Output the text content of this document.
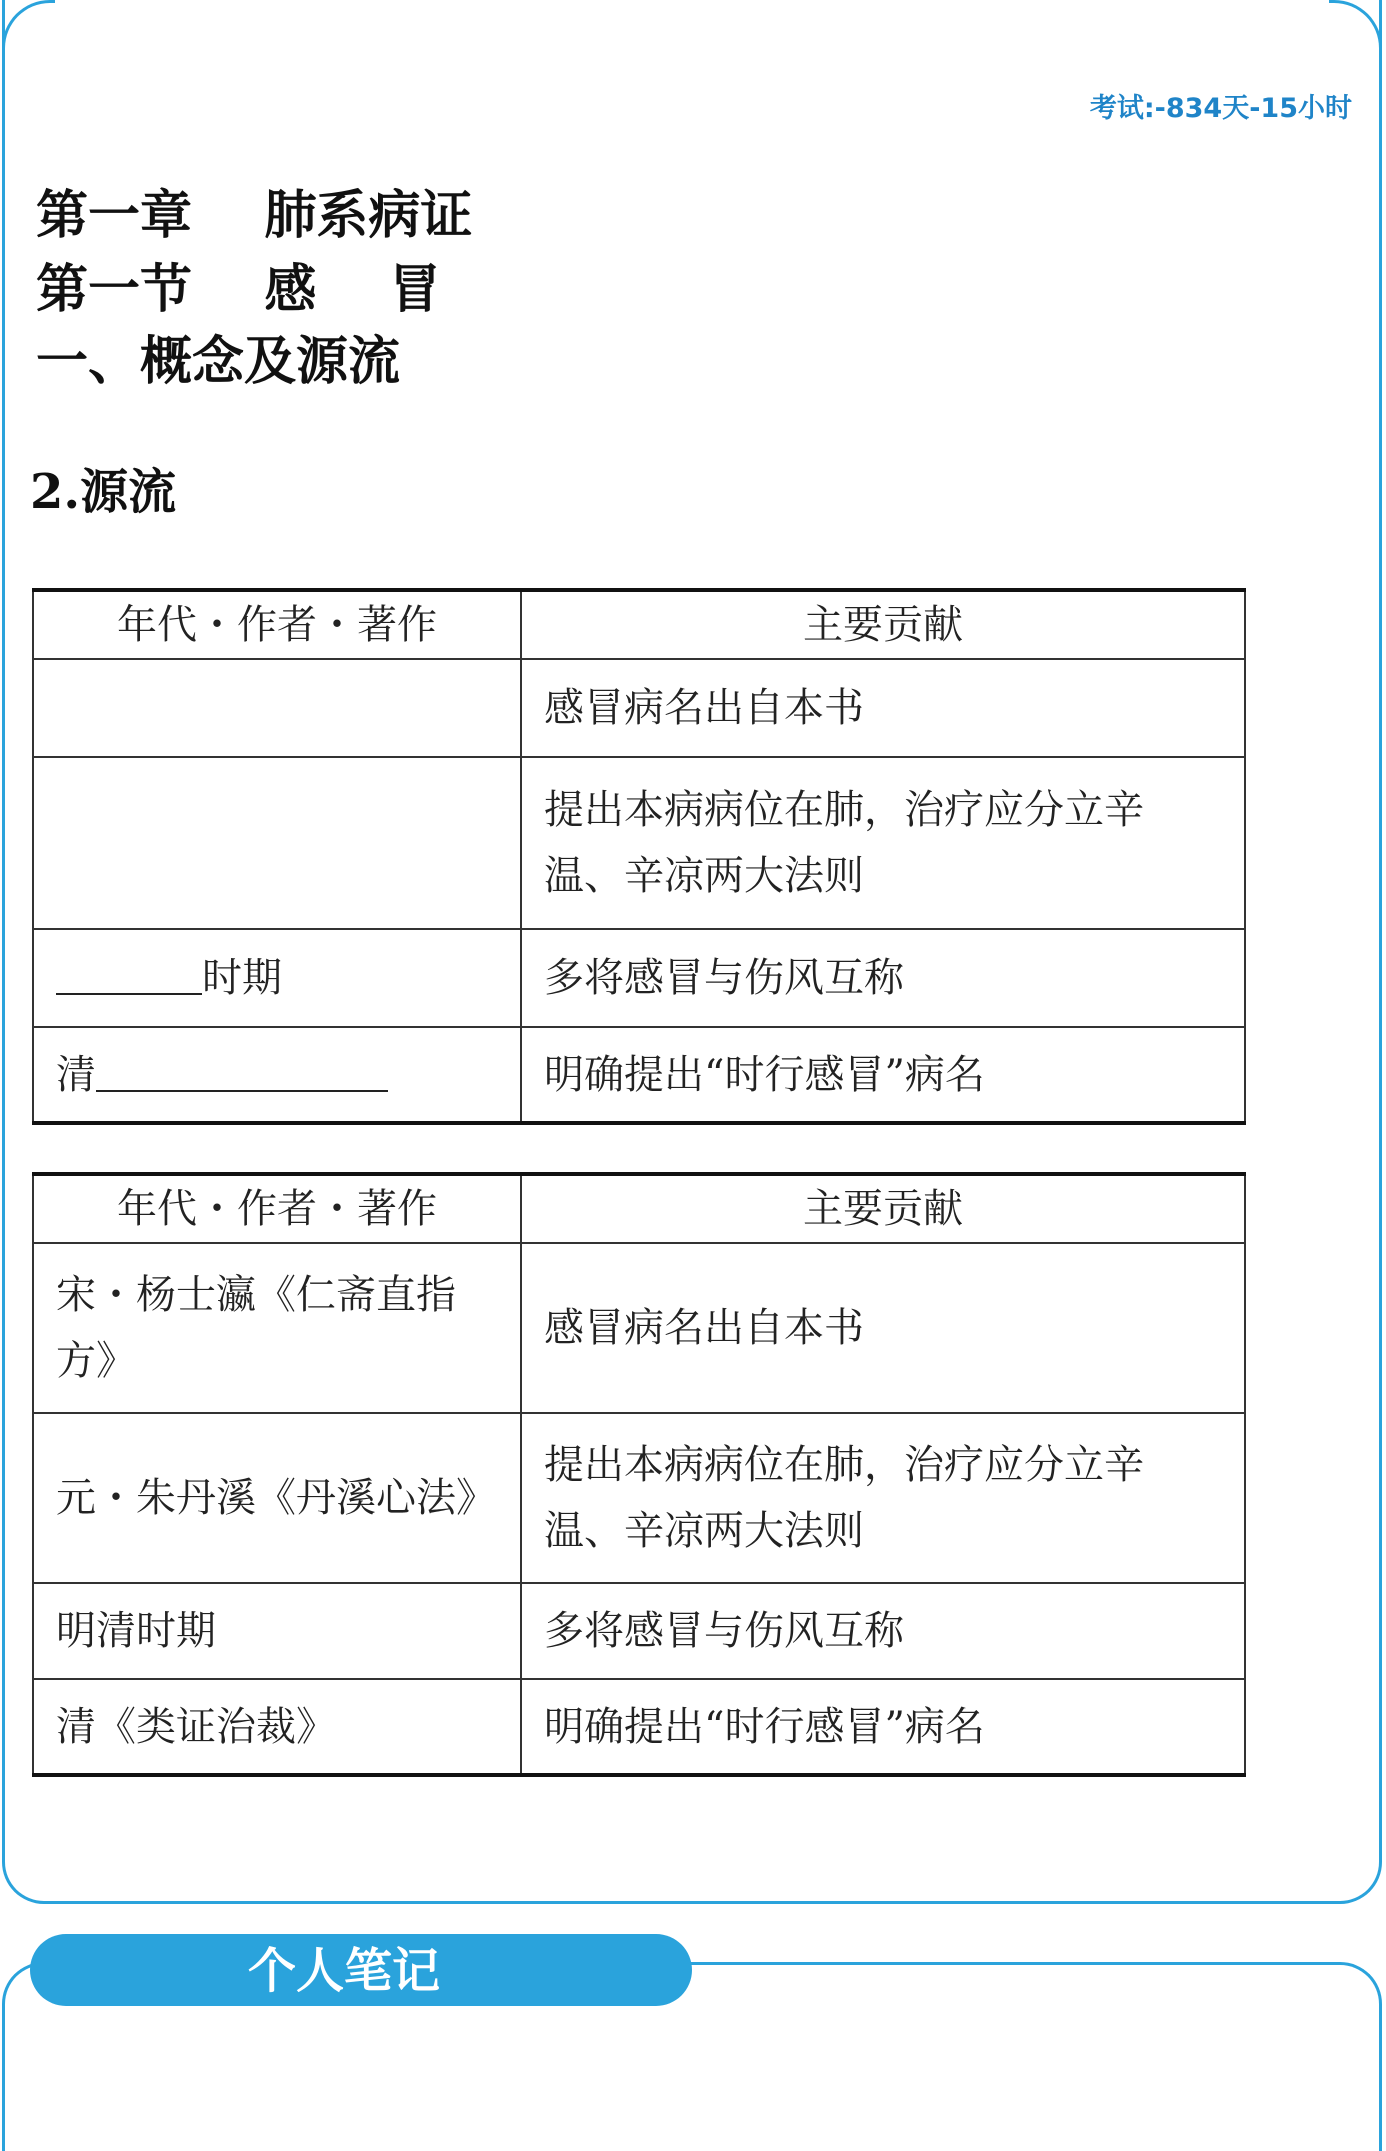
考试:-834天-15小时
第一章    肺系病证
第一节    感    冒
一、概念及源流
2.源流
年代・作者・著作	主要贡献
	感冒病名出自本书
	提出本病病位在肺，治疗应分立辛温、辛凉两大法则
时期	多将感冒与伤风互称
清	明确提出“时行感冒”病名
年代・作者・著作	主要贡献
宋・杨士瀛《仁斋直指方》	感冒病名出自本书
元・朱丹溪《丹溪心法》	提出本病病位在肺，治疗应分立辛温、辛凉两大法则
明清时期	多将感冒与伤风互称
清《类证治裁》	明确提出“时行感冒”病名
个人笔记
